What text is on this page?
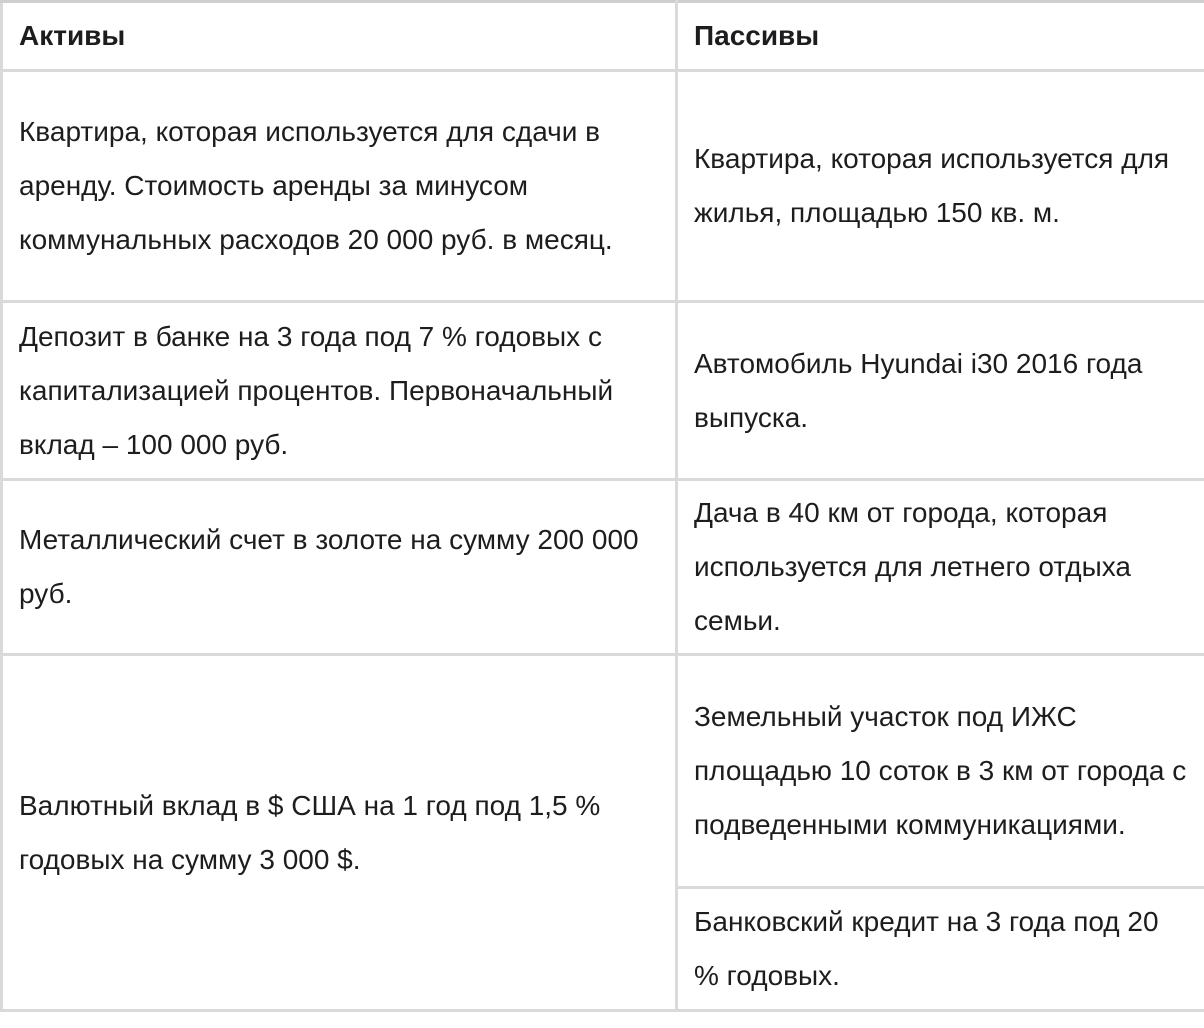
Активы	Пассивы
Квартира, которая используется для сдачи в аренду. Стоимость аренды за минусом коммунальных расходов 20 000 руб. в месяц.	Квартира, которая используется для жилья, площадью 150 кв. м.
Депозит в банке на 3 года под 7 % годовых с капитализацией процентов. Первоначальный вклад – 100 000 руб.	Автомобиль Hyundai i30 2016 года выпуска.
Металлический счет в золоте на сумму 200 000 руб.	Дача в 40 км от города, которая используется для летнего отдыха семьи.
Валютный вклад в $ США на 1 год под 1,5 % годовых на сумму 3 000 $.	Земельный участок под ИЖС площадью 10 соток в 3 км от города с подведенными коммуникациями.
	Банковский кредит на 3 года под 20 % годовых.
